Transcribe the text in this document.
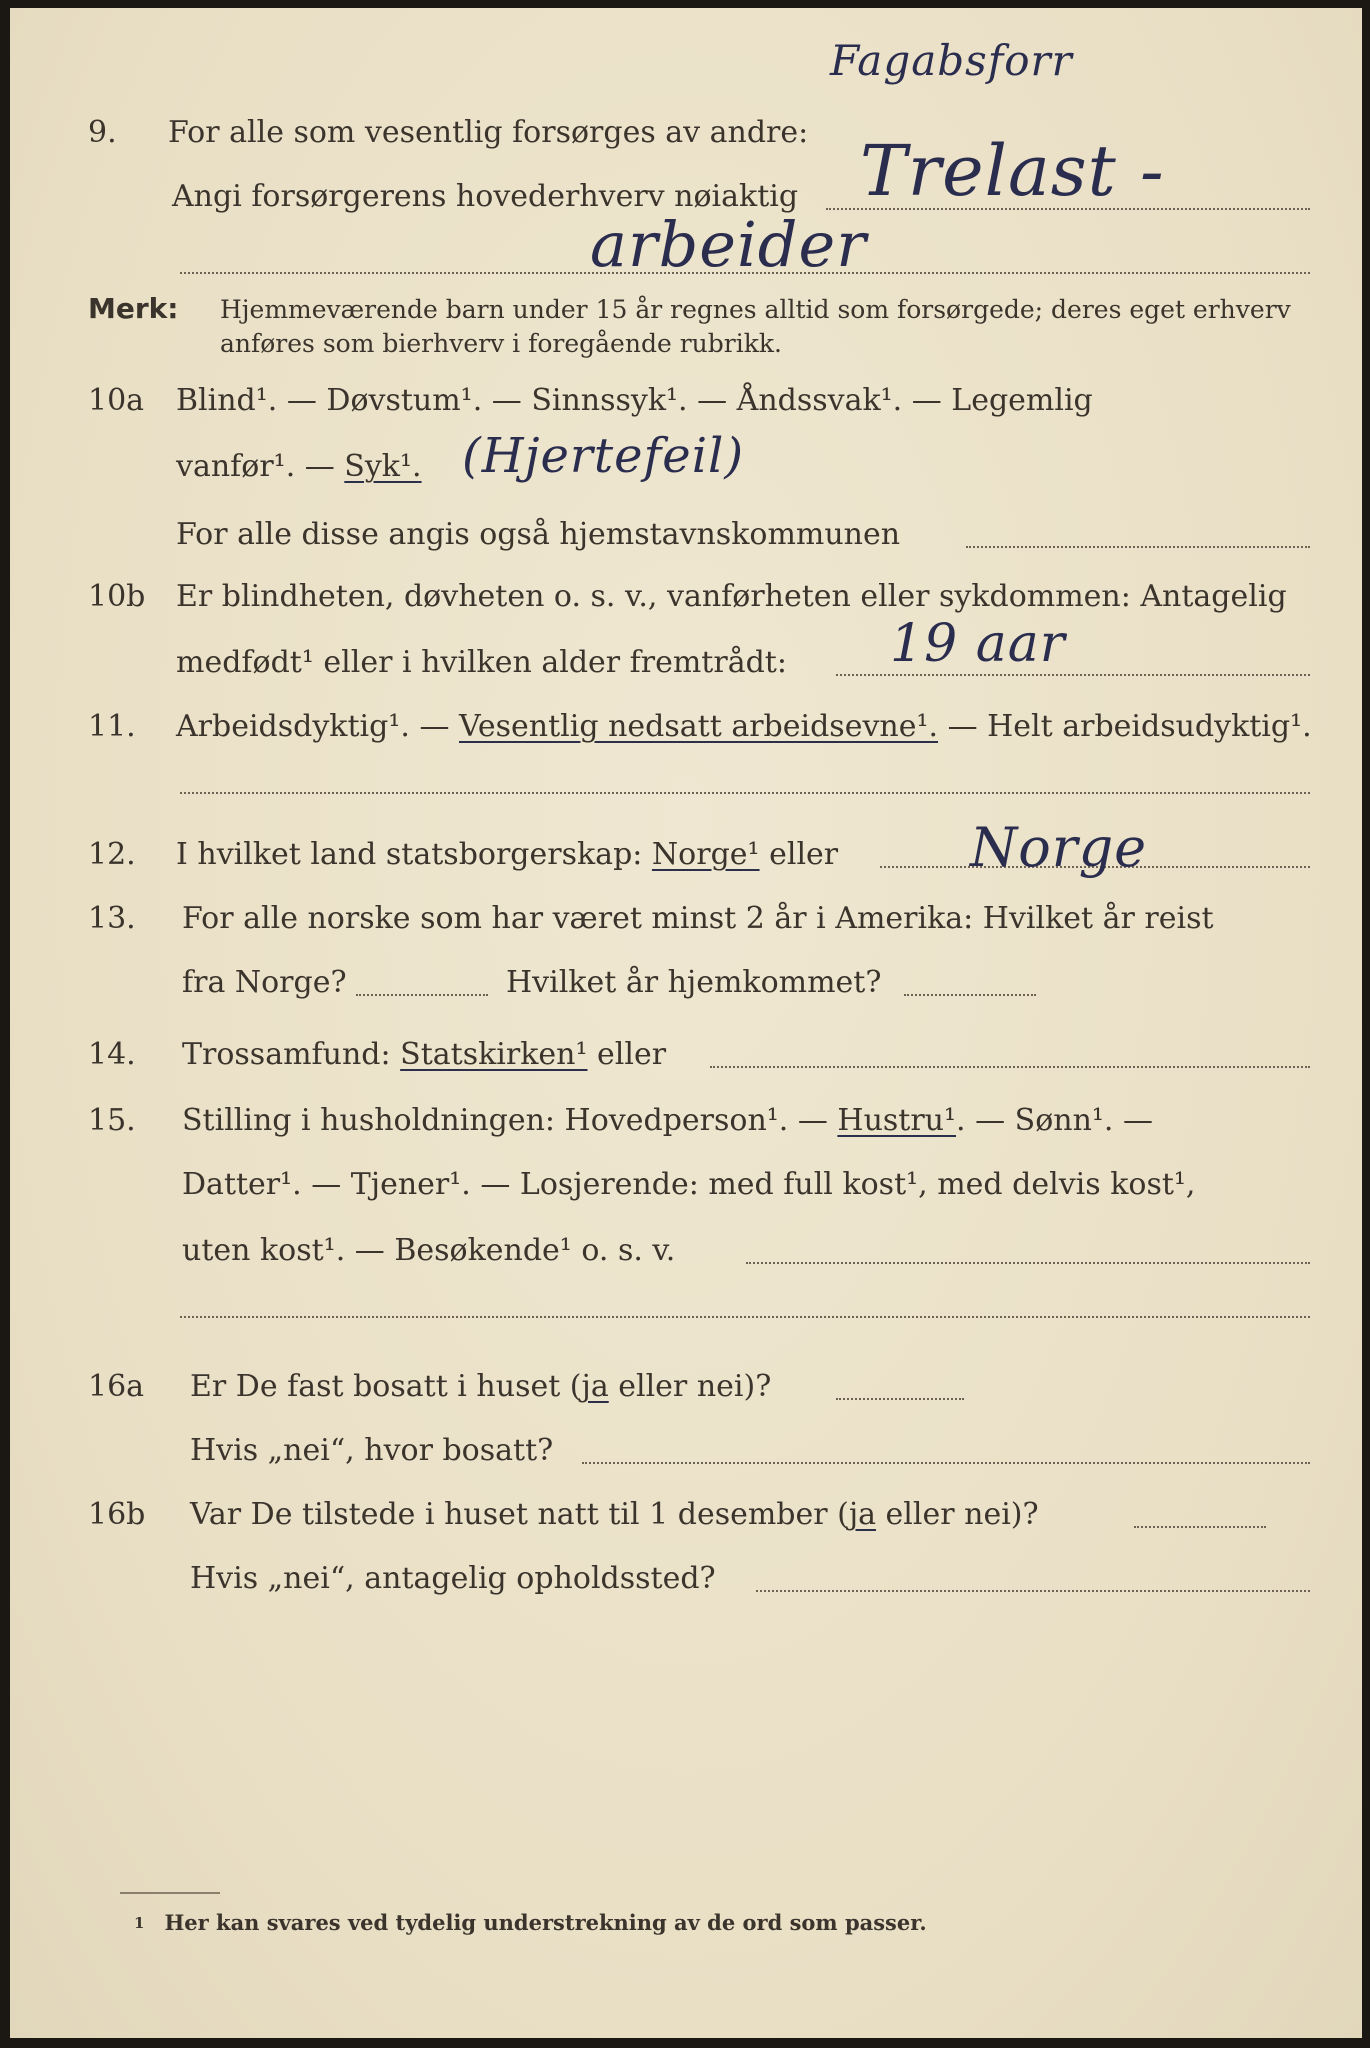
Fagabsforr
9. For alle som vesentlig forsørges av andre:
Angi forsørgerens hovederhverv nøiaktig Trelast -
arbeider
Merk: Hjemmeværende barn under 15 år regnes alltid som forsørgede; deres eget erhverv
anføres som bierhverv i foregående rubrikk.
10a Blind¹. — Døvstum¹. — Sinnssyk¹. — Åndssvak¹. — Legemlig
vanfør¹. — Syk¹. (Hjertefeil)
For alle disse angis også hjemstavnskommunen
10b Er blindheten, døvheten o. s. v., vanførheten eller sykdommen: Antagelig
medfødt¹ eller i hvilken alder fremtrådt: 19 aar
11. Arbeidsdyktig¹. — Vesentlig nedsatt arbeidsevne¹. — Helt arbeidsudyktig¹.
12. I hvilket land statsborgerskap: Norge¹ eller Norge
13. For alle norske som har været minst 2 år i Amerika: Hvilket år reist
fra Norge?	Hvilket år hjemkommet?
14. Trossamfund: Statskirken¹ eller
15. Stilling i husholdningen: Hovedperson¹. — Hustru¹. — Sønn¹. —
Datter¹. — Tjener¹. — Losjerende: med full kost¹, med delvis kost¹,
uten kost¹. — Besøkende¹ o. s. v.
16a Er De fast bosatt i huset (ja eller nei)?
Hvis „nei“, hvor bosatt?
16b Var De tilstede i huset natt til 1 desember (ja eller nei)?
Hvis „nei“, antagelig opholdssted?
1 Her kan svares ved tydelig understrekning av de ord som passer.
